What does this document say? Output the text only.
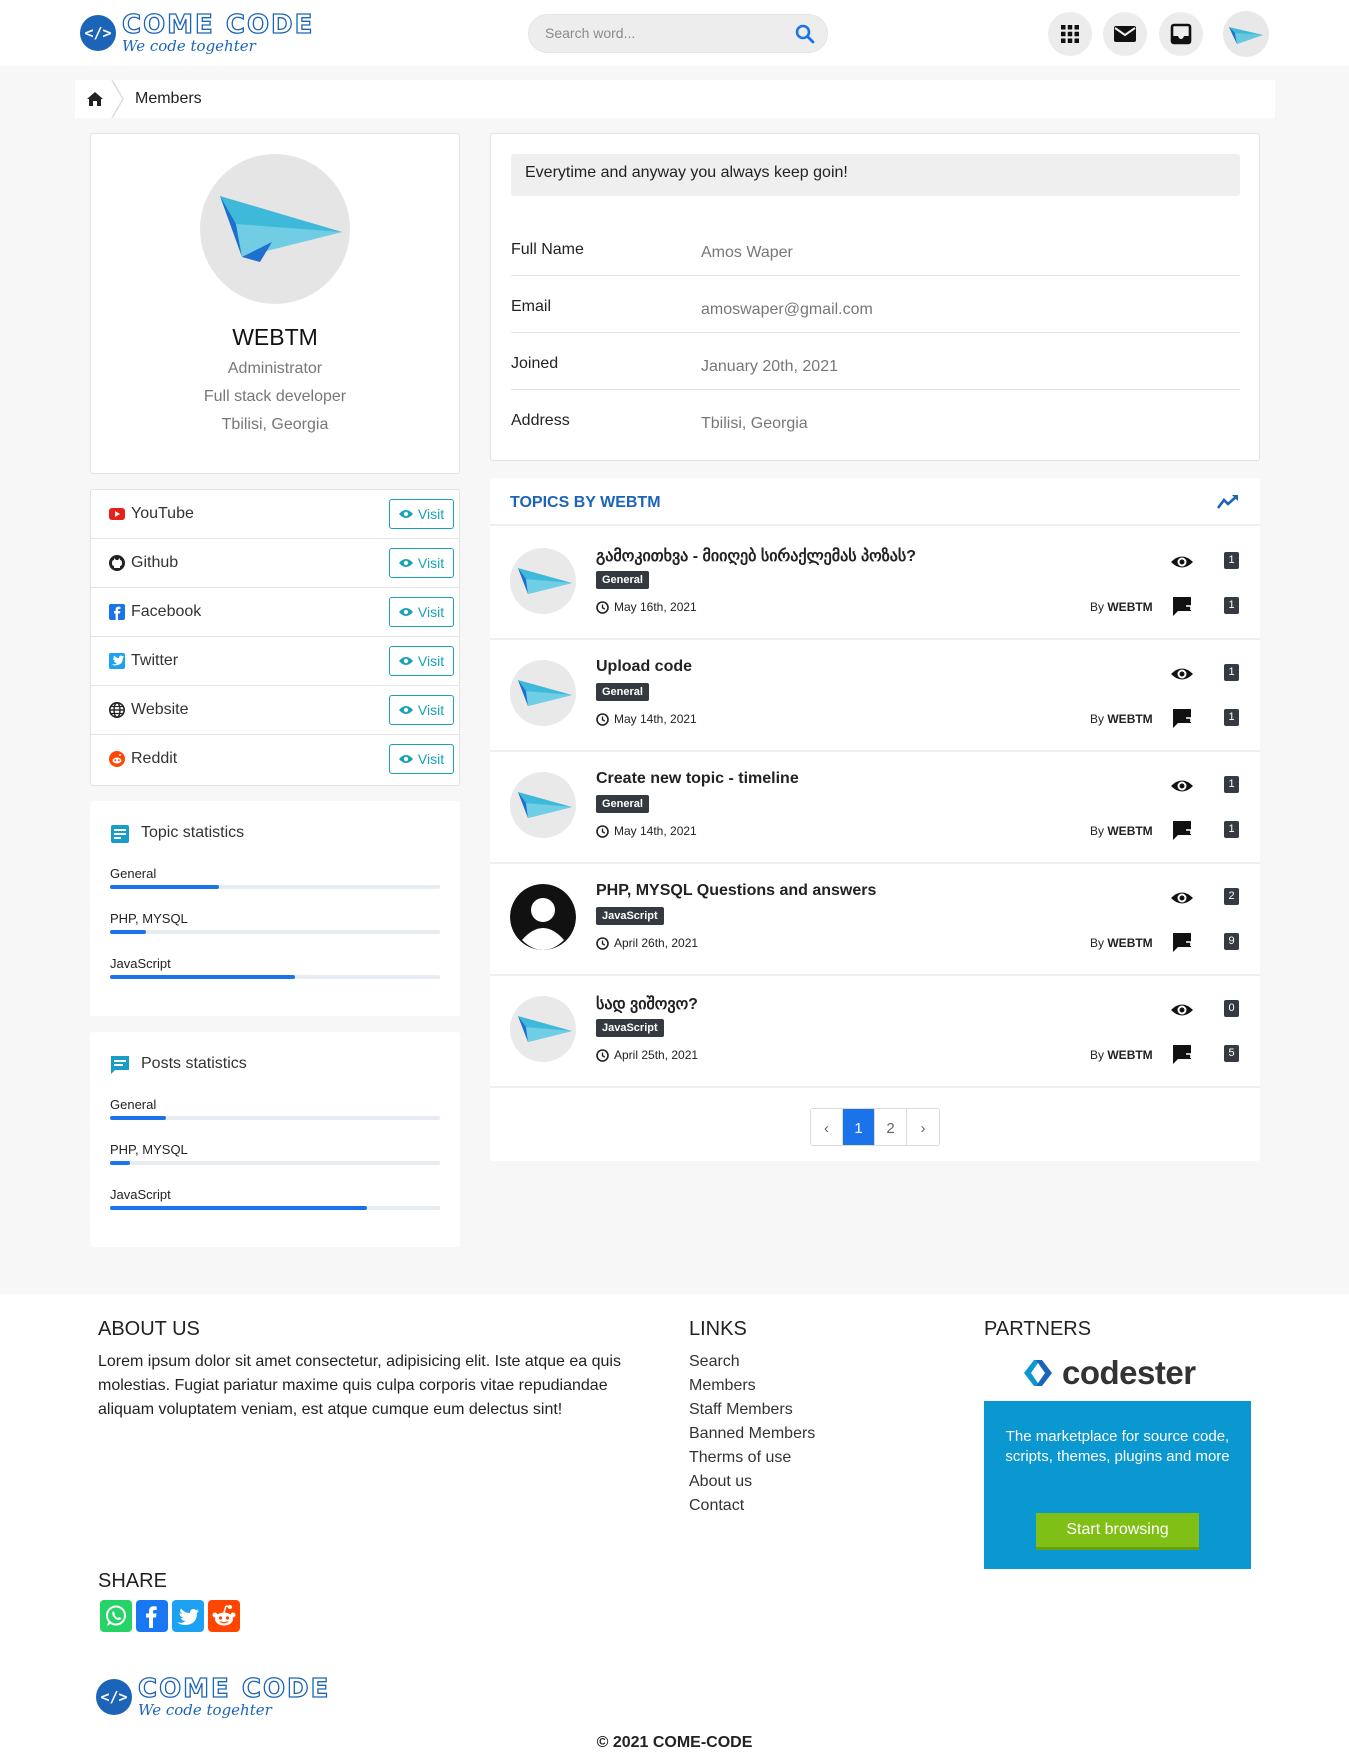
</> COME CODE
We code togehter
Search word...
Members
WEBTM
Administrator
Full stack developer
Tbilisi, Georgia
YouTube	Visit
Github	Visit
Facebook	Visit
Twitter	Visit
Website	Visit
Reddit	Visit
Topic statistics
General
PHP, MYSQL
JavaScript
Posts statistics
General
PHP, MYSQL
JavaScript
Everytime and anyway you always keep goin!
Full Name	Amos Waper
Email	amoswaper@gmail.com
Joined	January 20th, 2021
Address	Tbilisi, Georgia
TOPICS BY WEBTM
გამოკითხვა - მიიღებ სირაქლემას პოზას?
General
May 16th, 2021	By WEBTM
1
1
Upload code
General
May 14th, 2021	By WEBTM
1
1
Create new topic - timeline
General
May 14th, 2021	By WEBTM
1
1
PHP, MYSQL Questions and answers
JavaScript
April 26th, 2021	By WEBTM
2
9
სად ვიშოვო?
JavaScript
April 25th, 2021	By WEBTM
0
5
‹	1	2	›
ABOUT US
Lorem ipsum dolor sit amet consectetur, adipisicing elit. Iste atque ea quis molestias. Fugiat pariatur maxime quis culpa corporis vitae repudiandae aliquam voluptatem veniam, est atque cumque eum delectus sint!
LINKS
Search
Members
Staff Members
Banned Members
Therms of use
About us
Contact
PARTNERS
codester
The marketplace for source code, scripts, themes, plugins and more
Start browsing
SHARE
</> COME CODE
We code togehter
© 2021 COME-CODE
